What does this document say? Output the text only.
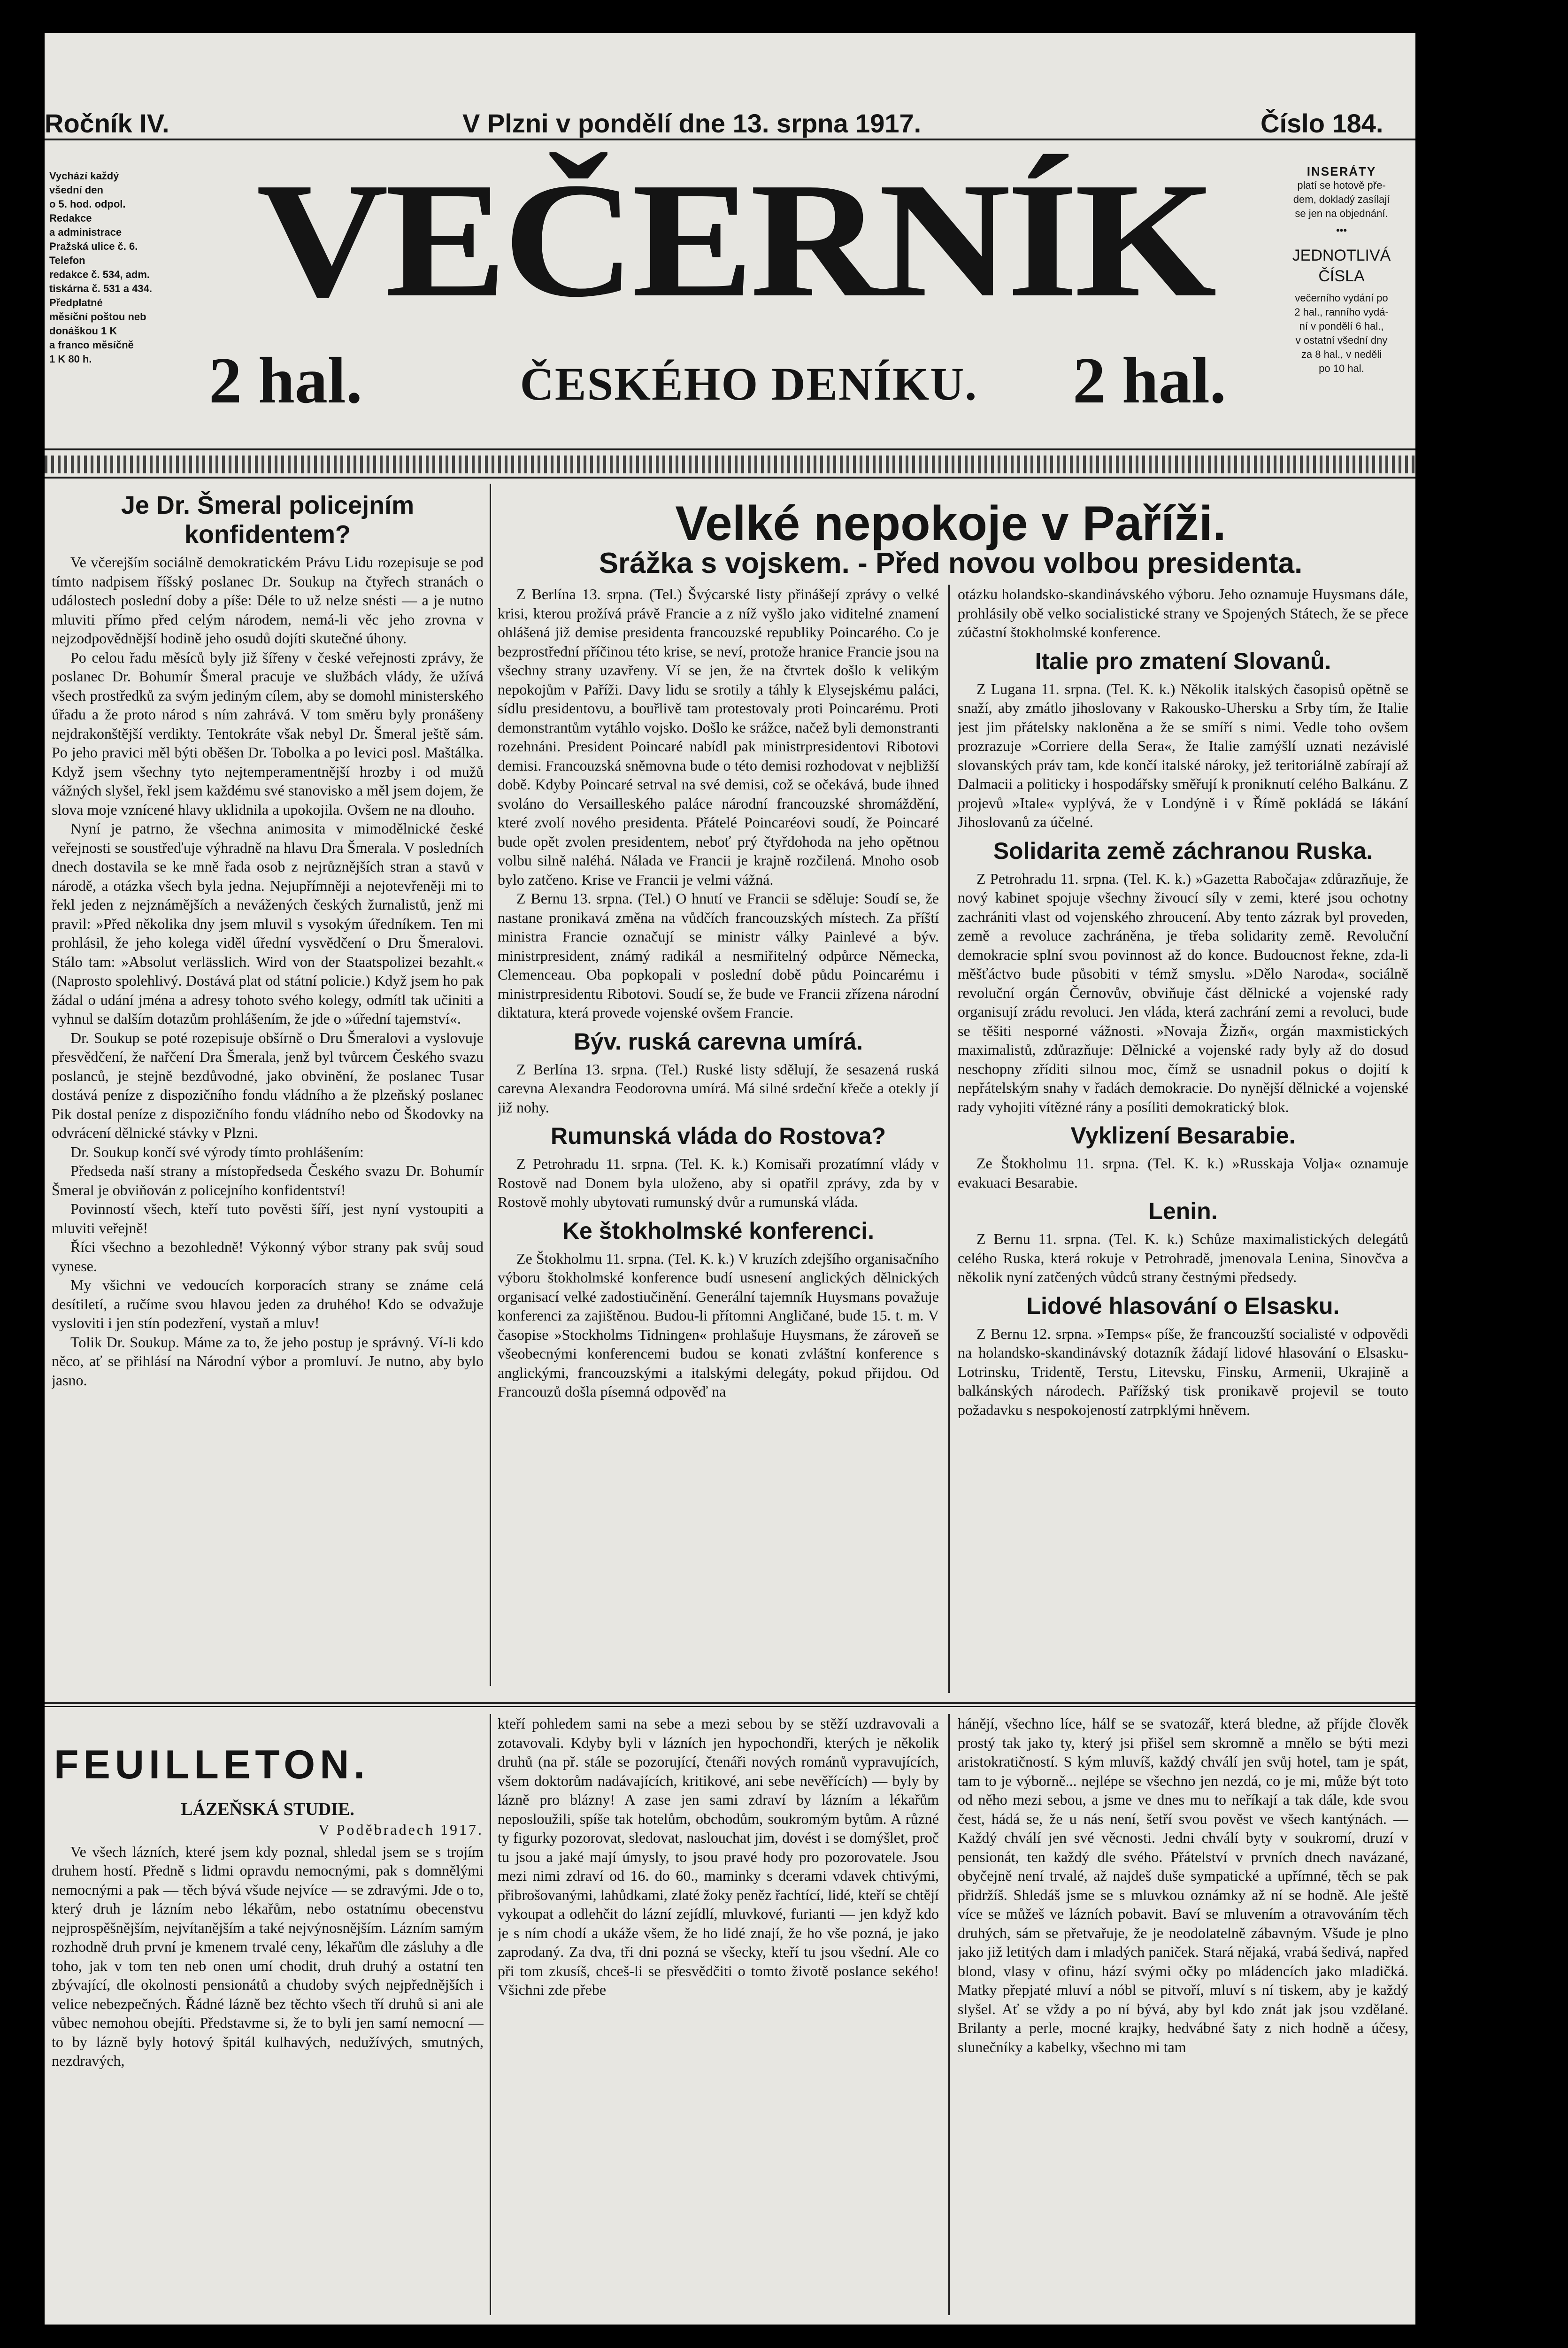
Ročník IV.	V Plzni v pondělí dne 13. srpna 1917.	Číslo 184.
Vychází každý
všední den
o 5. hod. odpol.
Redakce
a administrace
Pražská ulice č. 6.
Telefon
redakce č. 534, adm.
tiskárna č. 531 a 434.
Předplatné
měsíční poštou neb
donáškou 1 K
a franco měsíčně
1 K 80 h.
INSERÁTY
platí se hotově pře-
dem, dokladý zasílají
se jen na objednání.
•••
JEDNOTLIVÁ ČÍSLA
večerního vydání po
2 hal., ranního vydá-
ní v pondělí 6 hal.,
v ostatní všední dny
za 8 hal., v neděli
po 10 hal.
VEČERNÍK
2 hal.	ČESKÉHO DENÍKU.	2 hal.
Je Dr. Šmeral policejním konfidentem?

Ve včerejším sociálně demokratickém Právu Lidu rozepisuje se pod tímto nadpisem říšský poslanec Dr. Soukup na čtyřech stranách o událostech poslední doby a píše: Déle to už nelze snésti — a je nutno mluviti přímo před celým národem, nemá-li věc jeho zrovna v nejzodpovědnější hodině jeho osudů dojíti skutečné úhony.

Po celou řadu měsíců byly již šířeny v české veřejnosti zprávy, že poslanec Dr. Bohumír Šmeral pracuje ve službách vlády, že užívá všech prostředků za svým jediným cílem, aby se domohl ministerského úřadu a že proto národ s ním zahrává. V tom směru byly pronášeny nejdrakonštější verdikty. Tentokráte však nebyl Dr. Šmeral ještě sám. Po jeho pravici měl býti oběšen Dr. Tobolka a po levici posl. Maštálka. Když jsem všechny tyto nejtemperamentnější hrozby i od mužů vážných slyšel, řekl jsem každému své stanovisko a měl jsem dojem, že slova moje vznícené hlavy uklidnila a upokojila. Ovšem ne na dlouho.

Nyní je patrno, že všechna animosita v mimodělnické české veřejnosti se soustřeďuje výhradně na hlavu Dra Šmerala. V posledních dnech dostavila se ke mně řada osob z nejrůznějších stran a stavů v národě, a otázka všech byla jedna. Nejupřímněji a nejotevřeněji mi to řekl jeden z nejznámějších a nevážených českých žurnalistů, jenž mi pravil: »Před několika dny jsem mluvil s vysokým úředníkem. Ten mi prohlásil, že jeho kolega viděl úřední vysvědčení o Dru Šmeralovi. Stálo tam: »Absolut verlässlich. Wird von der Staatspolizei bezahlt.« (Naprosto spolehlivý. Dostává plat od státní policie.) Když jsem ho pak žádal o udání jména a adresy tohoto svého kolegy, odmítl tak učiniti a vyhnul se dalším dotazům prohlášením, že jde o »úřední tajemství«.

Dr. Soukup se poté rozepisuje obšírně o Dru Šmeralovi a vyslovuje přesvědčení, že nařčení Dra Šmerala, jenž byl tvůrcem Českého svazu poslanců, je stejně bezdůvodné, jako obvinění, že poslanec Tusar dostává peníze z dispozičního fondu vládního a že plzeňský poslanec Pik dostal peníze z dispozičního fondu vládního nebo od Škodovky na odvrácení dělnické stávky v Plzni.

Dr. Soukup končí své výrody tímto prohlášením:

Předseda naší strany a místopředseda Českého svazu Dr. Bohumír Šmeral je obviňován z policejního konfidentství!

Povinností všech, kteří tuto pověsti šíří, jest nyní vystoupiti a mluviti veřejně!

Říci všechno a bezohledně! Výkonný výbor strany pak svůj soud vynese.

My všichni ve vedoucích korporacích strany se známe celá desítiletí, a ručíme svou hlavou jeden za druhého! Kdo se odvažuje vysloviti i jen stín podezření, vystaň a mluv!

Tolik Dr. Soukup. Máme za to, že jeho postup je správný. Ví-li kdo něco, ať se přihlásí na Národní výbor a promluví. Je nutno, aby bylo jasno.

Velké nepokoje v Paříži.
Srážka s vojskem. - Před novou volbou presidenta.

Z Berlína 13. srpna. (Tel.) Švýcarské listy přinášejí zprávy o velké krisi, kterou prožívá právě Francie a z níž vyšlo jako viditelné znamení ohlášená již demise presidenta francouzské republiky Poincarého. Co je bezprostřední příčinou této krise, se neví, protože hranice Francie jsou na všechny strany uzavřeny. Ví se jen, že na čtvrtek došlo k velikým nepokojům v Paříži. Davy lidu se srotily a táhly k Elysejskému paláci, sídlu presidentovu, a bouřlivě tam protestovaly proti Poincarému. Proti demonstrantům vytáhlo vojsko. Došlo ke srážce, načež byli demonstranti rozehnáni. President Poincaré nabídl pak ministrpresidentovi Ribotovi demisi. Francouzská sněmovna bude o této demisi rozhodovat v nejbližší době. Kdyby Poincaré setrval na své demisi, což se očekává, bude ihned svoláno do Versailleského paláce národní francouzské shromáždění, které zvolí nového presidenta. Přátelé Poincaréovi soudí, že Poincaré bude opět zvolen presidentem, neboť prý čtyřdohoda na jeho opětnou volbu silně naléhá. Nálada ve Francii je krajně rozčilená. Mnoho osob bylo zatčeno. Krise ve Francii je velmi vážná.

Z Bernu 13. srpna. (Tel.) O hnutí ve Francii se sděluje: Soudí se, že nastane pronikavá změna na vůdčích francouzských místech. Za příští ministra Francie označují se ministr války Painlevé a býv. ministrpresident, známý radikál a nesmiřitelný odpůrce Německa, Clemenceau. Oba popkopali v poslední době půdu Poincarému i ministrpresidentu Ribotovi. Soudí se, že bude ve Francii zřízena národní diktatura, která provede vojenské ovšem Francie.

Býv. ruská carevna umírá.

Z Berlína 13. srpna. (Tel.) Ruské listy sdělují, že sesazená ruská carevna Alexandra Feodorovna umírá. Má silné srdeční křeče a otekly jí již nohy.

Rumunská vláda do Rostova?

Z Petrohradu 11. srpna. (Tel. K. k.) Komisaři prozatímní vlády v Rostově nad Donem byla uloženo, aby si opatřil zprávy, zda by v Rostově mohly ubytovati rumunský dvůr a rumunská vláda.

Ke štokholmské konferenci.

Ze Štokholmu 11. srpna. (Tel. K. k.) V kruzích zdejšího organisačního výboru štokholmské konference budí usnesení anglických dělnických organisací velké zadostiučinění. Generální tajemník Huysmans považuje konferenci za zajištěnou. Budou-li přítomni Angličané, bude 15. t. m. V časopise »Stockholms Tidningen« prohlašuje Huysmans, že zároveň se všeobecnými konferencemi budou se konati zvláštní konference s anglickými, francouzskými a italskými delegáty, pokud přijdou. Od Francouzů došla písemná odpověď na

otázku holandsko-skandinávského výboru. Jeho oznamuje Huysmans dále, prohlásily obě velko socialistické strany ve Spojených Státech, že se přece zúčastní štokholmské konference.

Italie pro zmatení Slovanů.

Z Lugana 11. srpna. (Tel. K. k.) Několik italských časopisů opětně se snaží, aby zmátlo jihoslovany v Rakousko-Uhersku a Srby tím, že Italie jest jim přátelsky nakloněna a že se smíří s nimi. Vedle toho ovšem prozrazuje »Corriere della Sera«, že Italie zamýšlí uznati nezávislé slovanských práv tam, kde končí italské nároky, jež teritoriálně zabírají až Dalmacii a politicky i hospodářsky směřují k proniknutí celého Balkánu. Z projevů »Itale« vyplývá, že v Londýně i v Římě pokládá se lákání Jihoslovanů za účelné.

Solidarita země záchranou Ruska.

Z Petrohradu 11. srpna. (Tel. K. k.) »Gazetta Rabočaja« zdůrazňuje, že nový kabinet spojuje všechny živoucí síly v zemi, které jsou ochotny zachrániti vlast od vojenského zhroucení. Aby tento zázrak byl proveden, země a revoluce zachráněna, je třeba solidarity země. Revoluční demokracie splní svou povinnost až do konce. Budoucnost řekne, zda-li měšťáctvo bude působiti v témž smyslu. »Dělo Naroda«, sociálně revoluční orgán Černovův, obviňuje část dělnické a vojenské rady organisují zrádu revoluci. Jen vláda, která zachrání zemi a revoluci, bude se těšiti nesporné vážnosti. »Novaja Žizň«, orgán maxmistických maximalistů, zdůrazňuje: Dělnické a vojenské rady byly až do dosud neschopny zříditi silnou moc, čímž se usnadnil pokus o dojití k nepřátelským snahy v řadách demokracie. Do nynější dělnické a vojenské rady vyhojiti vítězné rány a posíliti demokratický blok.

Vyklizení Besarabie.

Ze Štokholmu 11. srpna. (Tel. K. k.) »Russkaja Volja« oznamuje evakuaci Besarabie.

Lenin.

Z Bernu 11. srpna. (Tel. K. k.) Schůze maximalistických delegátů celého Ruska, která rokuje v Petrohradě, jmenovala Lenina, Sinovčva a několik nyní zatčených vůdců strany čestnými předsedy.

Lidové hlasování o Elsasku.

Z Bernu 12. srpna. »Temps« píše, že francouzští socialisté v odpovědi na holandsko-skandinávský dotazník žádají lidové hlasování o Elsasku-Lotrinsku, Tridentě, Terstu, Litevsku, Finsku, Armenii, Ukrajině a balkánských národech. Pařížský tisk pronikavě projevil se touto požadavku s nespokojeností zatrpklými hněvem.

FEUILLETON.
LÁZEŇSKÁ STUDIE.
V Poděbradech 1917.

Ve všech lázních, které jsem kdy poznal, shledal jsem se s trojím druhem hostí. Předně s lidmi opravdu nemocnými, pak s domnělými nemocnými a pak — těch bývá všude nejvíce — se zdravými. Jde o to, který druh je lázním nebo lékařům, nebo ostatnímu obecenstvu nejprospěšnějším, nejvítanějším a také nejvýnosnějším. Lázním samým rozhodně druh první je kmenem trvalé ceny, lékařům dle zásluhy a dle toho, jak v tom ten neb onen umí chodit, druh druhý a ostatní ten zbývající, dle okolnosti pensionátů a chudoby svých nejpřednějších i velice nebezpečných. Řádné lázně bez těchto všech tří druhů si ani ale vůbec nemohou obejíti. Představme si, že to byli jen samí nemocní — to by lázně byly hotový špitál kulhavých, nedužívých, smutných, nezdravých,

kteří pohledem sami na sebe a mezi sebou by se stěží uzdravovali a zotavovali. Kdyby byli v lázních jen hypochondři, kterých je několik druhů (na př. stále se pozorující, čtenáři nových románů vypravujících, všem doktorům nadávajících, kritikové, ani sebe nevěřících) — byly by lázně pro blázny! A zase jen sami zdraví by lázním a lékařům neposloužili, spíše tak hotelům, obchodům, soukromým bytům. A různé ty figurky pozorovat, sledovat, naslouchat jim, dovést i se domýšlet, proč tu jsou a jaké mají úmysly, to jsou pravé hody pro pozorovatele. Jsou mezi nimi zdraví od 16. do 60., maminky s dcerami vdavek chtivými, přibrošovanými, lahůdkami, zlaté žoky peněz řachtící, lidé, kteří se chtějí vykoupat a odlehčit do lázní zejídlí, mluvkové, furianti — jen když kdo je s ním chodí a ukáže všem, že ho lidé znají, že ho vše pozná, je jako zaprodaný. Za dva, tři dni pozná se všecky, kteří tu jsou všední. Ale co při tom zkusíš, chceš-li se přesvědčiti o tomto životě poslance sekého! Všichni zde přebe

hánějí, všechno líce, hálf se se svatozář, která bledne, až příjde člověk prostý tak jako ty, který jsi přišel sem skromně a mnělo se býti mezi aristokratičností. S kým mluvíš, každý chválí jen svůj hotel, tam je spát, tam to je výborně... nejlépe se všechno jen nezdá, co je mi, může být toto od něho mezi sebou, a jsme ve dnes mu to neříkají a tak dále, kde svou čest, hádá se, že u nás není, šetří svou pověst ve všech kantýnách. — Každý chválí jen své věcnosti. Jedni chválí byty v soukromí, druzí v pensionát, ten každý dle svého. Přátelství v prvních dnech navázané, obyčejně není trvalé, až najdeš duše sympatické a upřímné, těch se pak přidržíš. Shledáš jsme se s mluvkou oznámky až ní se hodně. Ale ještě více se můžeš ve lázních pobavit. Baví se mluvením a otravováním těch druhých, sám se přetvařuje, že je neodolatelně zábavným. Všude je plno jako již letitých dam i mladých paniček. Stará nějaká, vrabá šedivá, napřed blond, vlasy v ofinu, hází svými očky po mládencích jako mladičká. Matky přepjaté mluví a nóbl se pitvoří, mluví s ní tiskem, aby je každý slyšel. Ať se vždy a po ní bývá, aby byl kdo znát jak jsou vzdělané. Brilanty a perle, mocné krajky, hedvábné šaty z nich hodně a účesy, slunečníky a kabelky, všechno mi tam
